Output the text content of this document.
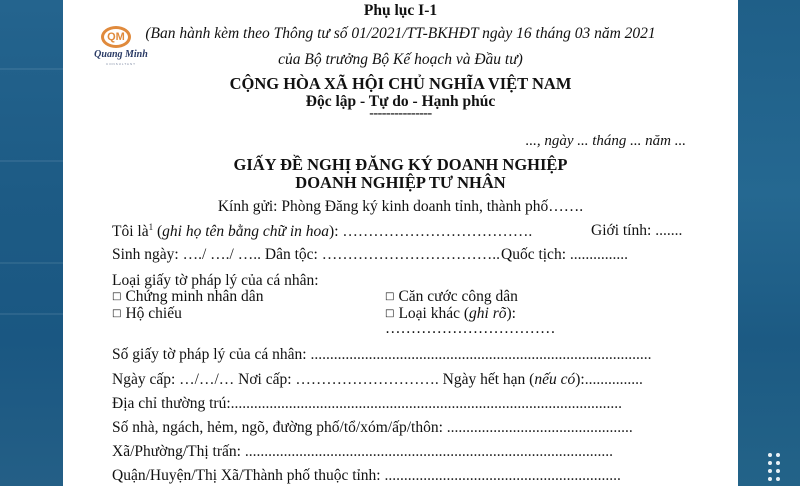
QM
Quang Minh
CONSULTANT
Phụ lục I-1
(Ban hành kèm theo Thông tư số 01/2021/TT-BKHĐT ngày 16 tháng 03 năm 2021
của Bộ trưởng Bộ Kế hoạch và Đầu tư)
CỘNG HÒA XÃ HỘI CHỦ NGHĨA VIỆT NAM
Độc lập - Tự do - Hạnh phúc
---------------
..., ngày ... tháng ... năm ...
GIẤY ĐỀ NGHỊ ĐĂNG KÝ DOANH NGHIỆP
DOANH NGHIỆP TƯ NHÂN
Kính gửi: Phòng Đăng ký kinh doanh tỉnh, thành phố…….
Tôi $là^1$ (ghi họ tên bằng chữ in hoa): ……………………………….	Giới tính: .......
Sinh ngày: …./ …./ ….. Dân tộc: …………………………….. Quốc tịch: ...............
Loại giấy tờ pháp lý của cá nhân:
□ Chứng minh nhân dân	□ Căn cước công dân
□ Hộ chiếu	□ Loại khác (ghi rõ):
……………………………
Số giấy tờ pháp lý của cá nhân: ........................................................................................
Ngày cấp: …/…/… Nơi cấp: ………………………. Ngày hết hạn (nếu có):...............
Địa chỉ thường trú:.....................................................................................................
Số nhà, ngách, hẻm, ngõ, đường phố/tổ/xóm/ấp/thôn: ................................................
Xã/Phường/Thị trấn: ...............................................................................................
Quận/Huyện/Thị Xã/Thành phố thuộc tỉnh: .............................................................
